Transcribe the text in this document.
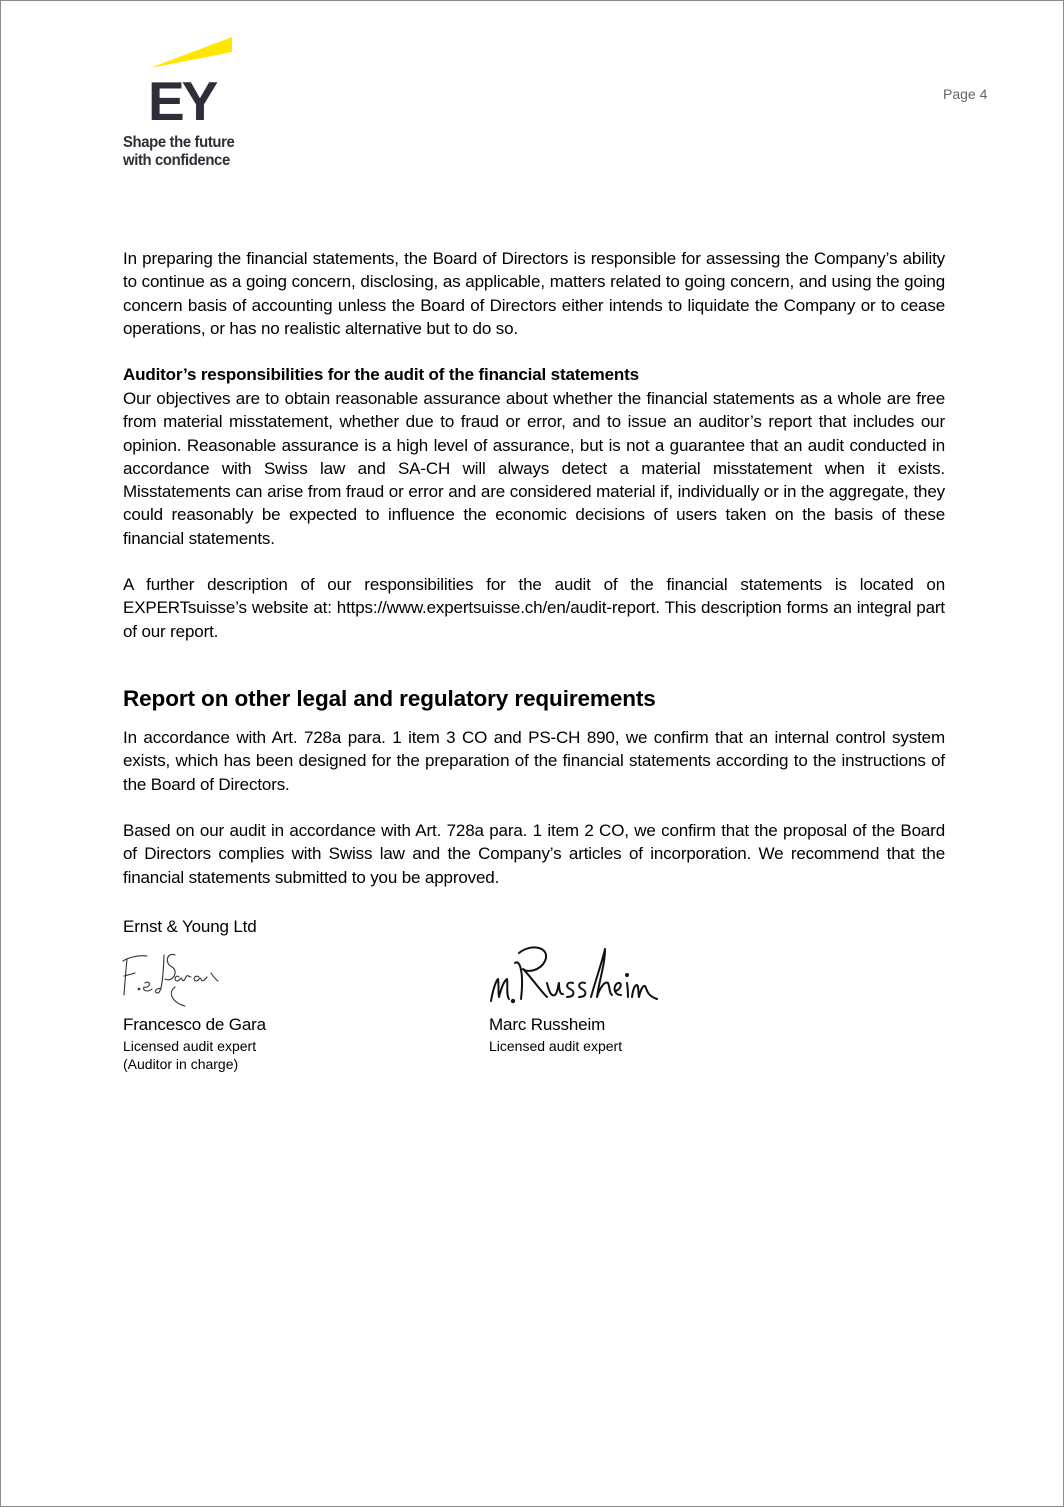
EY
Shape the future
with confidence
Page 4
In preparing the financial statements, the Board of Directors is responsible for assessing the Company’s ability to continue as a going concern, disclosing, as applicable, matters related to going concern, and using the going concern basis of accounting unless the Board of Directors either intends to liquidate the Company or to cease operations, or has no realistic alternative but to do so.
Auditor’s responsibilities for the audit of the financial statements
Our objectives are to obtain reasonable assurance about whether the financial statements as a whole are free from material misstatement, whether due to fraud or error, and to issue an auditor’s report that includes our opinion. Reasonable assurance is a high level of assurance, but is not a guarantee that an audit conducted in accordance with Swiss law and SA-CH will always detect a material misstatement when it exists. Misstatements can arise from fraud or error and are considered material if, individually or in the aggregate, they could reasonably be expected to influence the economic decisions of users taken on the basis of these financial statements.
A further description of our responsibilities for the audit of the financial statements is located on EXPERTsuisse’s website at: https://www.expertsuisse.ch/en/audit-report. This description forms an integral part of our report.
Report on other legal and regulatory requirements
In accordance with Art. 728a para. 1 item 3 CO and PS-CH 890, we confirm that an internal control system exists, which has been designed for the preparation of the financial statements according to the instructions of the Board of Directors.
Based on our audit in accordance with Art. 728a para. 1 item 2 CO, we confirm that the proposal of the Board of Directors complies with Swiss law and the Company’s articles of incorporation. We recommend that the financial statements submitted to you be approved.
Ernst & Young Ltd
Francesco de Gara
Licensed audit expert
(Auditor in charge)
Marc Russheim
Licensed audit expert
